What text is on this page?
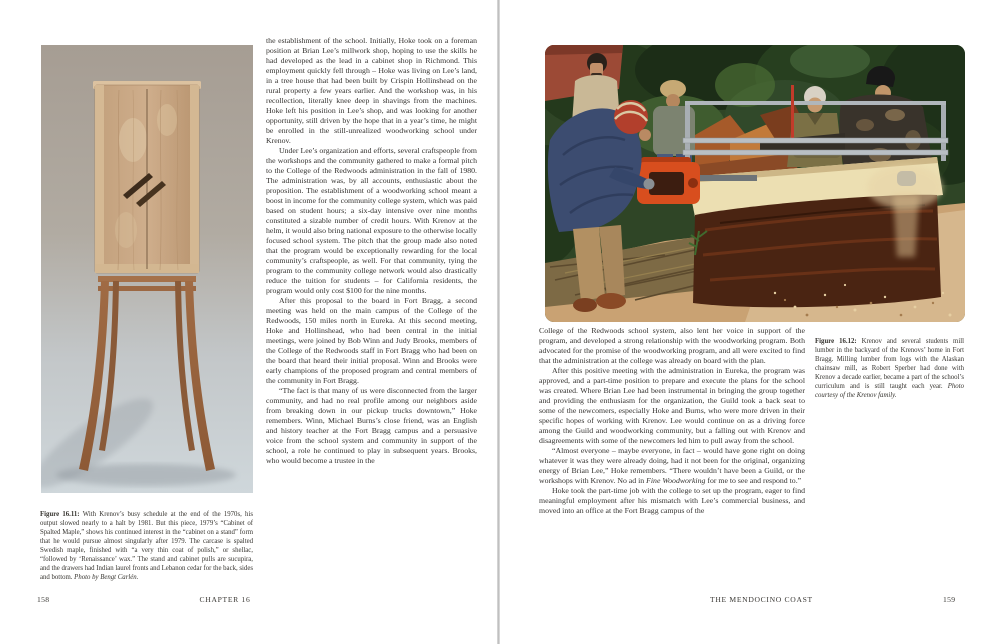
Figure 16.11: With Krenov’s busy schedule at the end of the 1970s, his output slowed nearly to a halt by 1981. But this piece, 1979’s “Cabinet of Spalted Maple,” shows his continued interest in the “cabinet on a stand” form that he would pursue almost singularly after 1979. The carcase is spalted Swedish maple, finished with “a very thin coat of polish,” or shellac, “followed by ‘Renaissance’ wax.” The stand and cabinet pulls are sucupira, and the drawers had Indian laurel fronts and Lebanon cedar for the back, sides and bottom. Photo by Bengt Carlén.

the establishment of the school. Initially, Hoke took on a foreman position at Brian Lee’s millwork shop, hoping to use the skills he had developed as the lead in a cabinet shop in Richmond. This employment quickly fell through – Hoke was living on Lee’s land, in a tree house that had been built by Crispin Hollinshead on the rural property a few years earlier. And the workshop was, in his recollection, literally knee deep in shavings from the machines. Hoke left his position in Lee’s shop, and was looking for another opportunity, still driven by the hope that in a year’s time, he might be enrolled in the still-unrealized woodworking school under Krenov.

Under Lee’s organization and efforts, several craftspeople from the workshops and the community gathered to make a formal pitch to the College of the Redwoods administration in the fall of 1980. The administration was, by all accounts, enthusiastic about the proposition. The establishment of a woodworking school meant a boost in income for the community college system, which was paid based on student hours; a six-day intensive over nine months constituted a sizable number of credit hours. With Krenov at the helm, it would also bring national exposure to the otherwise locally focused school system. The pitch that the group made also noted that the program would be exceptionally rewarding for the local community’s craftspeople, as well. For that community, tying the program to the community college network would also drastically reduce the tuition for students – for California residents, the program would only cost $100 for the nine months.

After this proposal to the board in Fort Bragg, a second meeting was held on the main campus of the College of the Redwoods, 150 miles north in Eureka. At this second meeting, Hoke and Hollinshead, who had been central in the initial meetings, were joined by Bob Winn and Judy Brooks, members of the College of the Redwoods staff in Fort Bragg who had been on the board that heard their initial proposal. Winn and Brooks were early champions of the proposed program and central members of the community in Fort Bragg.

“The fact is that many of us were disconnected from the larger community, and had no real profile among our neighbors aside from breaking down in our pickup trucks downtown,” Hoke remembers. Winn, Michael Burns’s close friend, was an English and history teacher at the Fort Bragg campus and a persuasive voice from the school system and community in support of the school, a role he continued to play in subsequent years. Brooks, who would become a trustee in the

158	CHAPTER 16

Figure 16.12: Krenov and several students mill lumber in the backyard of the Krenovs’ home in Fort Bragg. Milling lumber from logs with the Alaskan chainsaw mill, as Robert Sperber had done with Krenov a decade earlier, became a part of the school’s curriculum and is still taught each year. Photo courtesy of the Krenov family.

College of the Redwoods school system, also lent her voice in support of the program, and developed a strong relationship with the woodworking program. Both advocated for the promise of the woodworking program, and all were excited to find that the administration at the college was already on board with the plan.

After this positive meeting with the administration in Eureka, the program was approved, and a part-time position to prepare and execute the plans for the school was created. Where Brian Lee had been instrumental in bringing the group together and providing the enthusiasm for the organization, the Guild took a back seat to some of the newcomers, especially Hoke and Burns, who were more driven in their specific hopes of working with Krenov. Lee would continue on as a driving force among the Guild and woodworking community, but a falling out with Krenov and disagreements with some of the newcomers led him to pull away from the school.

“Almost everyone – maybe everyone, in fact – would have gone right on doing whatever it was they were already doing, had it not been for the original, organizing energy of Brian Lee,” Hoke remembers. “There wouldn’t have been a Guild, or the workshops with Krenov. No ad in Fine Woodworking for me to see and respond to.”

Hoke took the part-time job with the college to set up the program, eager to find meaningful employment after his mismatch with Lee’s commercial business, and moved into an office at the Fort Bragg campus of the

THE MENDOCINO COAST	159
